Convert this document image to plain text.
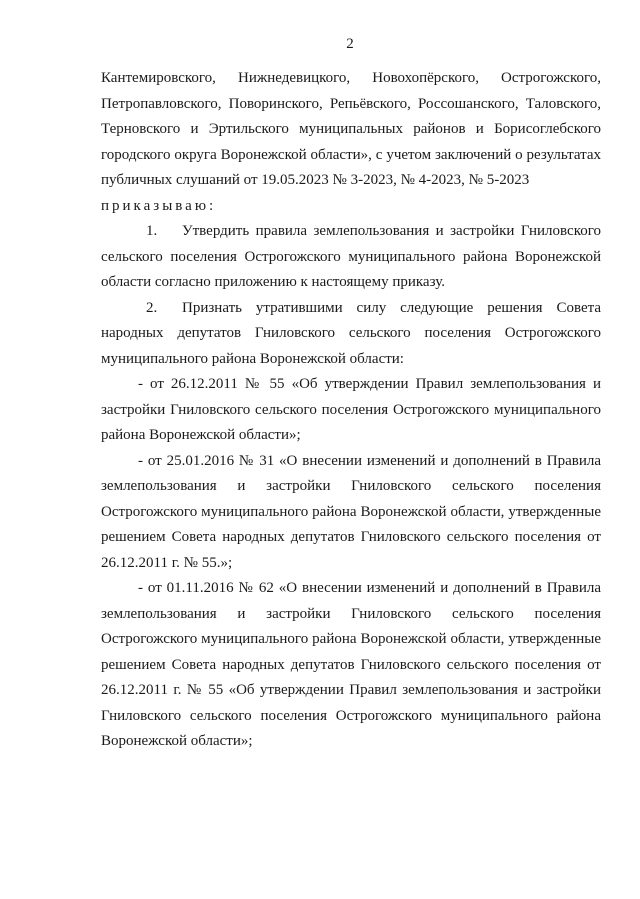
2

Кантемировского, Нижнедевицкого, Новохопёрского, Острогожского, Петропавловского, Поворинского, Репьёвского, Россошанского, Таловского, Терновского и Эртильского муниципальных районов и Борисоглебского городского округа Воронежской области», с учетом заключений о результатах публичных слушаний от 19.05.2023 № 3-2023, № 4-2023, № 5-2023

приказываю:

1. Утвердить правила землепользования и застройки Гниловского сельского поселения Острогожского муниципального района Воронежской области согласно приложению к настоящему приказу.

2. Признать утратившими силу следующие решения Совета народных депутатов Гниловского сельского поселения Острогожского муниципального района Воронежской области:

- от 26.12.2011 № 55 «Об утверждении Правил землепользования и застройки Гниловского сельского поселения Острогожского муниципального района Воронежской области»;

- от 25.01.2016 № 31 «О внесении изменений и дополнений в Правила землепользования и застройки Гниловского сельского поселения Острогожского муниципального района Воронежской области, утвержденные решением Совета народных депутатов Гниловского сельского поселения от 26.12.2011 г. № 55.»;

- от 01.11.2016 № 62 «О внесении изменений и дополнений в Правила землепользования и застройки Гниловского сельского поселения Острогожского муниципального района Воронежской области, утвержденные решением Совета народных депутатов Гниловского сельского поселения от 26.12.2011 г. № 55 «Об утверждении Правил землепользования и застройки Гниловского сельского поселения Острогожского муниципального района Воронежской области»;
